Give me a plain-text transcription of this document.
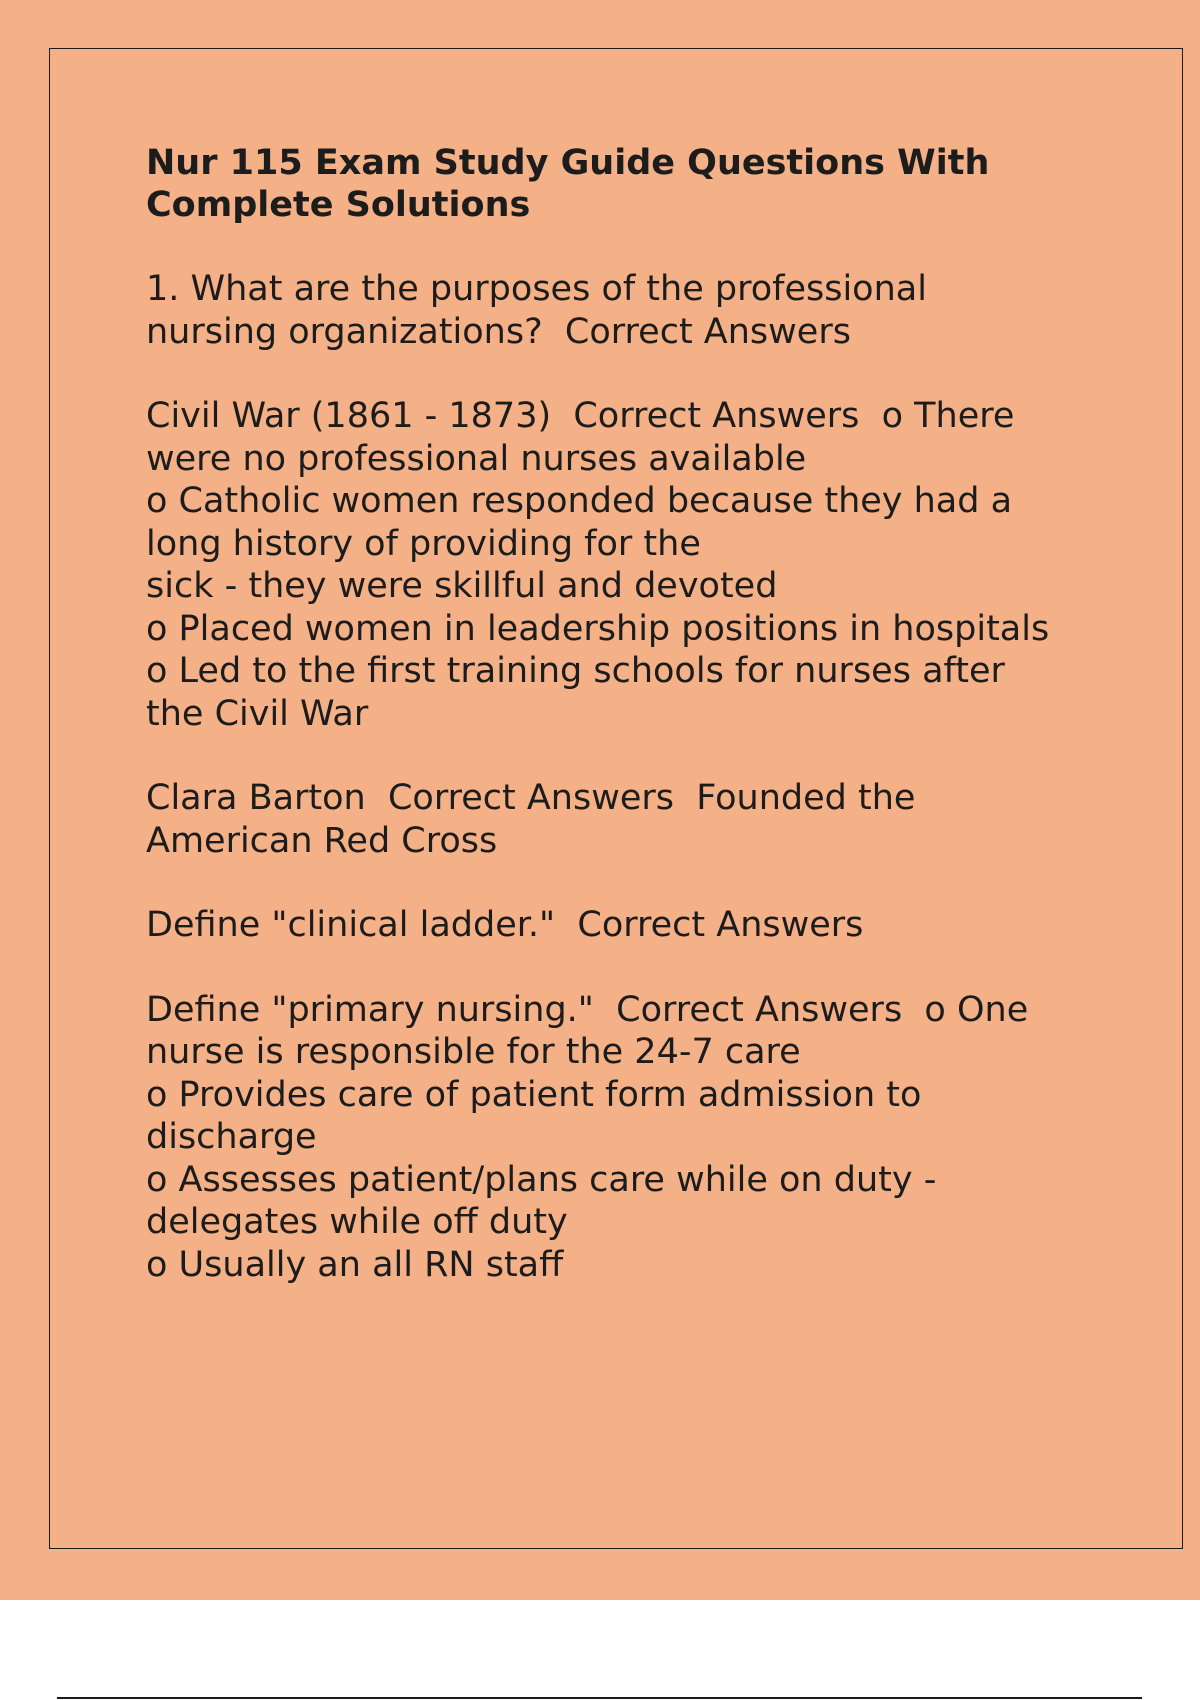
Nur 115 Exam Study Guide Questions With
Complete Solutions
1. What are the purposes of the professional
nursing organizations?  Correct Answers
Civil War (1861 - 1873)  Correct Answers  o There
were no professional nurses available
o Catholic women responded because they had a
long history of providing for the
sick - they were skillful and devoted
o Placed women in leadership positions in hospitals
o Led to the first training schools for nurses after
the Civil War
Clara Barton  Correct Answers  Founded the
American Red Cross
Define "clinical ladder."  Correct Answers
Define "primary nursing."  Correct Answers  o One
nurse is responsible for the 24-7 care
o Provides care of patient form admission to
discharge
o Assesses patient/plans care while on duty -
delegates while off duty
o Usually an all RN staff
